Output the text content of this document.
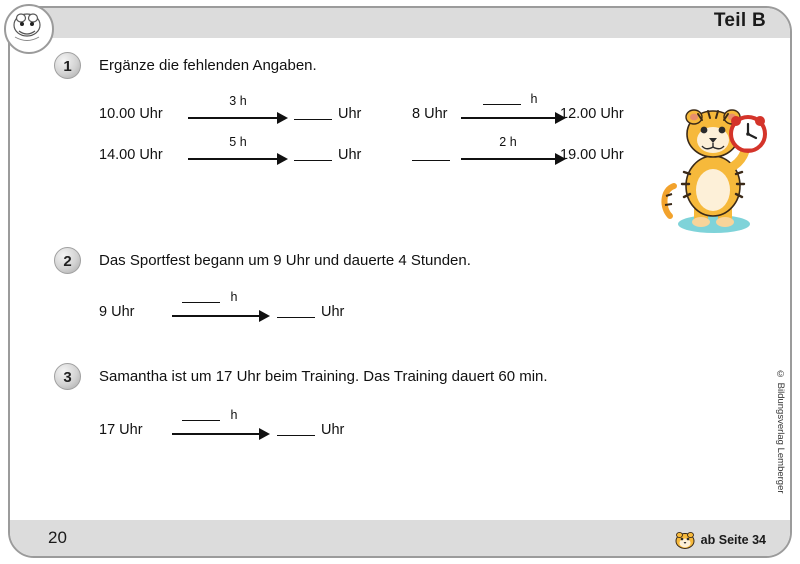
Teil B
1	Ergänze die fehlenden Angaben.
10.00 Uhr
3 h
Uhr	8 Uhr
h
12.00 Uhr
14.00 Uhr
5 h
Uhr
2 h
19.00 Uhr
2	Das Sportfest begann um 9 Uhr und dauerte 4 Stunden.
9 Uhr
h
Uhr
3	Samantha ist um 17 Uhr beim Training. Das Training dauert 60 min.
17 Uhr
h
Uhr	© Bildungsverlag Lemberger
20	ab Seite 34
